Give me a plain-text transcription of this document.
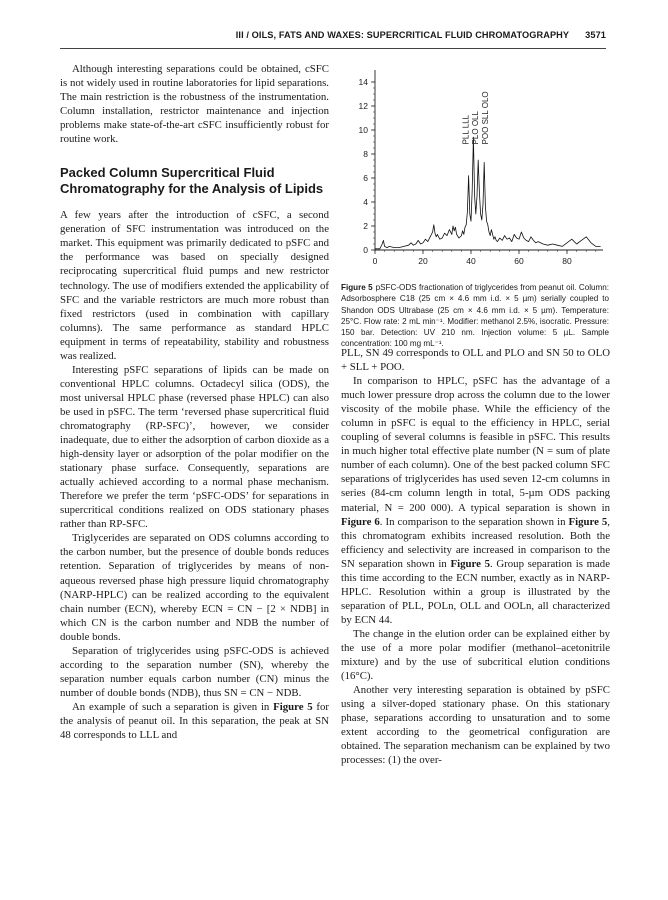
III / OILS, FATS AND WAXES: SUPERCRITICAL FLUID CHROMATOGRAPHY 3571

Although interesting separations could be obtained, cSFC is not widely used in routine laboratories for lipid separations. The main restriction is the robustness of the instrumentation. Column installation, restrictor maintenance and injection problems make state-of-the-art cSFC insufficiently robust for routine work.

Packed Column Supercritical Fluid Chromatography for the Analysis of Lipids

A few years after the introduction of cSFC, a second generation of SFC instrumentation was introduced on the market. This equipment was primarily dedicated to pSFC and the performance was based on specially designed reciprocating supercritical fluid pumps and new restrictor technology. The use of modifiers extended the applicability of SFC and the variable restrictors are much more robust than fixed restrictors (used in combination with capillary columns). The same performance as standard HPLC equipment in terms of repeatability, stability and robustness was realized.

Interesting pSFC separations of lipids can be made on conventional HPLC columns. Octadecyl silica (ODS), the most universal HPLC phase (reversed phase HPLC) can also be used in pSFC. The term ‘reversed phase supercritical fluid chromatography (RP-SFC)’, however, we consider inadequate, due to either the adsorption of carbon dioxide as a high-density layer or adsorption of the polar modifier on the stationary phase surface. Consequently, separations are actually achieved according to a normal phase mechanism. Therefore we prefer the term ‘pSFC-ODS’ for separations in supercritical conditions realized on ODS stationary phases rather than RP-SFC.

Triglycerides are separated on ODS columns according to the carbon number, but the presence of double bonds reduces retention. Separation of triglycerides by means of non-aqueous reversed phase high pressure liquid chromatography (NARP-HPLC) can be realized according to the equivalent chain number (ECN), whereby ECN = CN − [2 × NDB] in which CN is the carbon number and NDB the number of double bonds.

Separation of triglycerides using pSFC-ODS is achieved according to the separation number (SN), whereby the separation number equals carbon number (CN) minus the number of double bonds (NDB), thus SN = CN − NDB.

An example of such a separation is given in Figure 5 for the analysis of peanut oil. In this separation, the peak at SN 48 corresponds to LLL and

0
2
4
6
8
10
12
14
0	20	40	60	80
PLL LLL PLO OLL POO SLL OLO
Figure 5 pSFC-ODS fractionation of triglycerides from peanut oil. Column: Adsorbosphere C18 (25 cm × 4.6 mm i.d. × 5 µm) serially coupled to Shandon ODS Ultrabase (25 cm × 4.6 mm i.d. × 5 µm). Temperature: 25°C. Flow rate: 2 mL min⁻¹. Modifier: methanol 2.5%, isocratic. Pressure: 150 bar. Detection: UV 210 nm. Injection volume: 5 µL. Sample concentration: 100 mg mL⁻¹.

PLL, SN 49 corresponds to OLL and PLO and SN 50 to OLO + SLL + POO.

In comparison to HPLC, pSFC has the advantage of a much lower pressure drop across the column due to the lower viscosity of the mobile phase. While the efficiency of the column in pSFC is equal to the efficiency in HPLC, serial coupling of several columns is feasible in pSFC. This results in much higher total effective plate number (N = sum of plate number of each column). One of the best packed column SFC separations of triglycerides has used seven 12-cm columns in series (84-cm column length in total, 5-µm ODS packing material, N = 200 000). A typical separation is shown in Figure 6. In comparison to the separation shown in Figure 5, this chromatogram exhibits increased resolution. Both the efficiency and selectivity are increased in comparison to the SN separation shown in Figure 5. Group separation is made this time according to the ECN number, exactly as in NARP-HPLC. Resolution within a group is illustrated by the separation of PLL, POLn, OLL and OOLn, all characterized by ECN 44.

The change in the elution order can be explained either by the use of a more polar modifier (methanol–acetonitrile mixture) and by the use of subcritical elution conditions (16°C).

Another very interesting separation is obtained by pSFC using a silver-doped stationary phase. On this stationary phase, separations according to unsaturation and to some extent according to the geometrical configuration are obtained. The separation mechanism can be explained by two processes: (1) the over-
